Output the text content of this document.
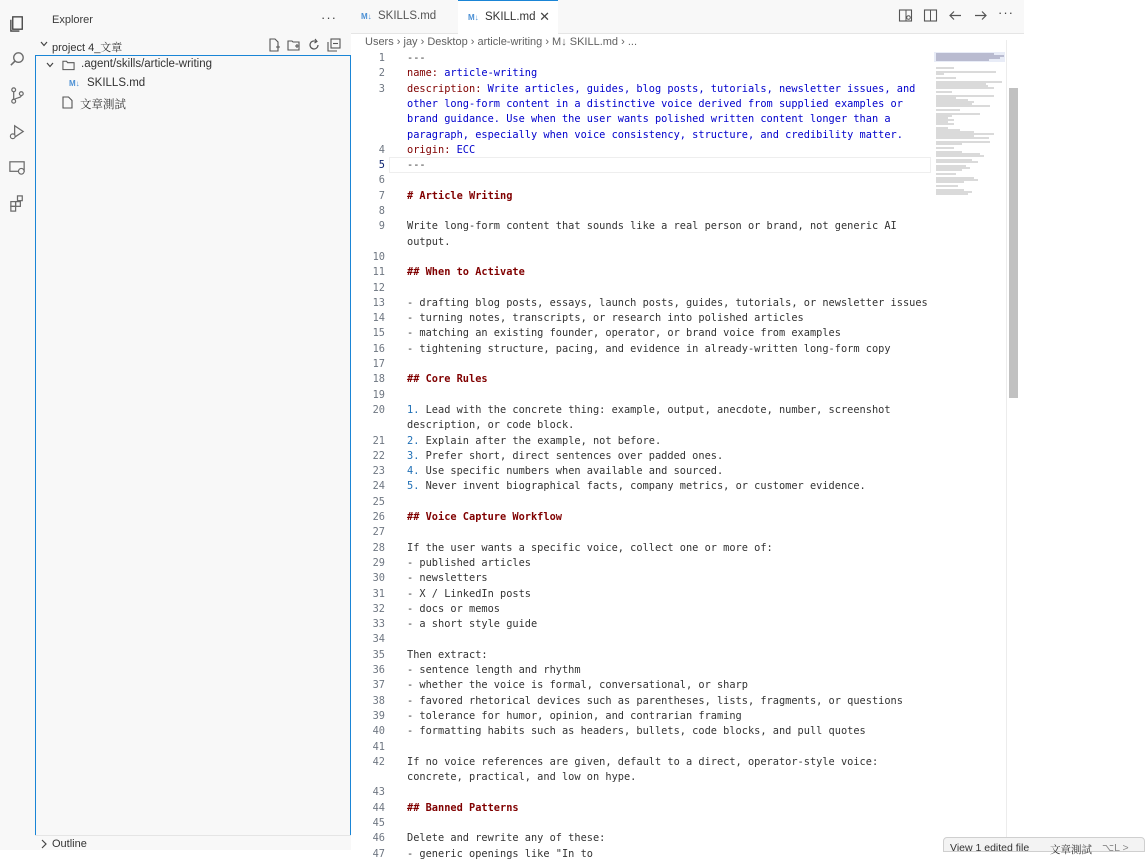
Explorer	···
project 4_文章
.agent/skills/article-writing
M↓ SKILLS.md
文章測試
Outline
M↓ SKILLS.md	M↓ SKILL.md ✕	···
Users › jay › Desktop › article-writing › M↓ SKILL.md › ...
1 ---
2 name: article-writing
3 description: Write articles, guides, blog posts, tutorials, newsletter issues, and
other long-form content in a distinctive voice derived from supplied examples or
brand guidance. Use when the user wants polished written content longer than a
paragraph, especially when voice consistency, structure, and credibility matter.
4 origin: ECC
5 ---
6
7 # Article Writing
8
9 Write long-form content that sounds like a real person or brand, not generic AI
output.
10
11 ## When to Activate
12
13 - drafting blog posts, essays, launch posts, guides, tutorials, or newsletter issues
14 - turning notes, transcripts, or research into polished articles
15 - matching an existing founder, operator, or brand voice from examples
16 - tightening structure, pacing, and evidence in already-written long-form copy
17
18 ## Core Rules
19
20 1. Lead with the concrete thing: example, output, anecdote, number, screenshot
description, or code block.
21 2. Explain after the example, not before.
22 3. Prefer short, direct sentences over padded ones.
23 4. Use specific numbers when available and sourced.
24 5. Never invent biographical facts, company metrics, or customer evidence.
25
26 ## Voice Capture Workflow
27
28 If the user wants a specific voice, collect one or more of:
29 - published articles
30 - newsletters
31 - X / LinkedIn posts
32 - docs or memos
33 - a short style guide
34
35 Then extract:
36 - sentence length and rhythm
37 - whether the voice is formal, conversational, or sharp
38 - favored rhetorical devices such as parentheses, lists, fragments, or questions
39 - tolerance for humor, opinion, and contrarian framing
40 - formatting habits such as headers, bullets, code blocks, and pull quotes
41
42 If no voice references are given, default to a direct, operator-style voice:
concrete, practical, and low on hype.
43
44 ## Banned Patterns
45
46 Delete and rewrite any of these:
47 - generic openings like "In to	View 1 edited file 文章測試 ⌥L >
